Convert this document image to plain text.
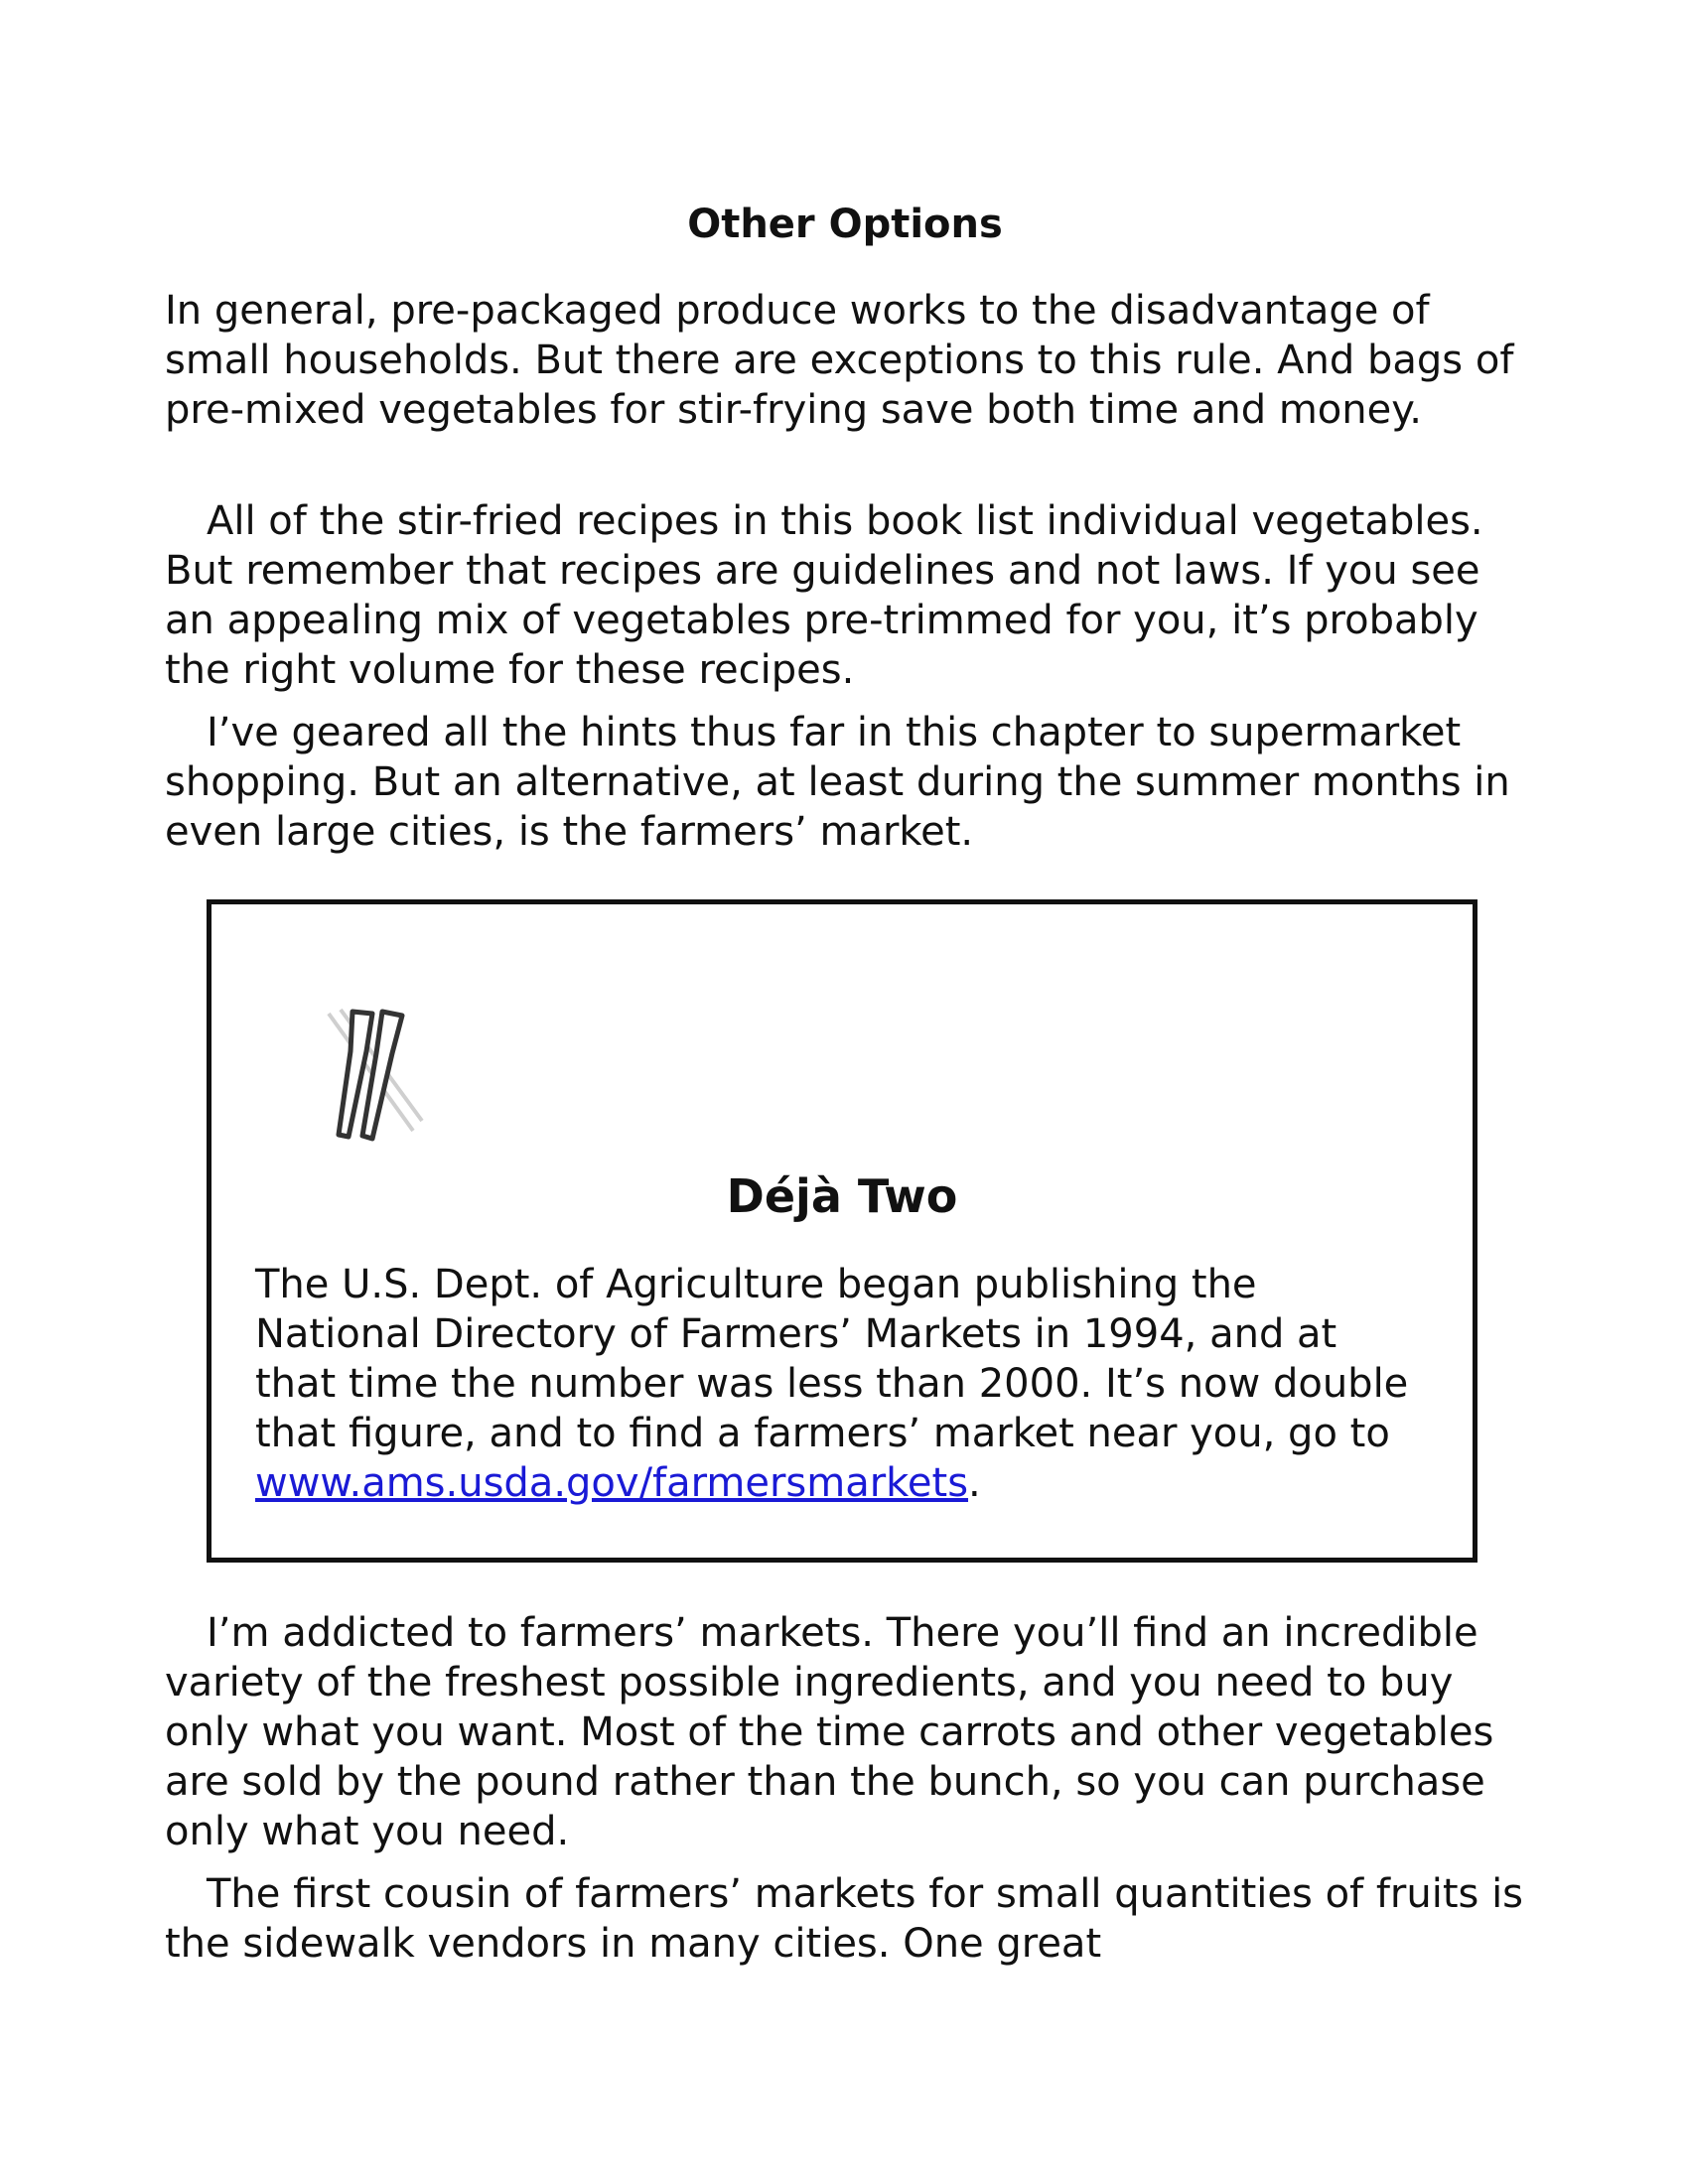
Other Options

In general, pre-packaged produce works to the disadvantage of small households. But there are exceptions to this rule. And bags of pre-mixed vegetables for stir-frying save both time and money.

All of the stir-fried recipes in this book list individual vegetables. But remember that recipes are guidelines and not laws. If you see an appealing mix of vegetables pre-trimmed for you, it’s probably the right volume for these recipes.

I’ve geared all the hints thus far in this chapter to supermarket shopping. But an alternative, at least during the summer months in even large cities, is the farmers’ market.

I’m addicted to farmers’ markets. There you’ll find an incredible variety of the freshest possible ingredients, and you need to buy only what you want. Most of the time carrots and other vegetables are sold by the pound rather than the bunch, so you can purchase only what you need.

The first cousin of farmers’ markets for small quantities of fruits is the sidewalk vendors in many cities. One great

Déjà Two

The U.S. Dept. of Agriculture began publishing the National Directory of Farmers’ Markets in 1994, and at that time the number was less than 2000. It’s now double that figure, and to find a farmers’ market near you, go to www.ams.usda.gov/farmersmarkets.
